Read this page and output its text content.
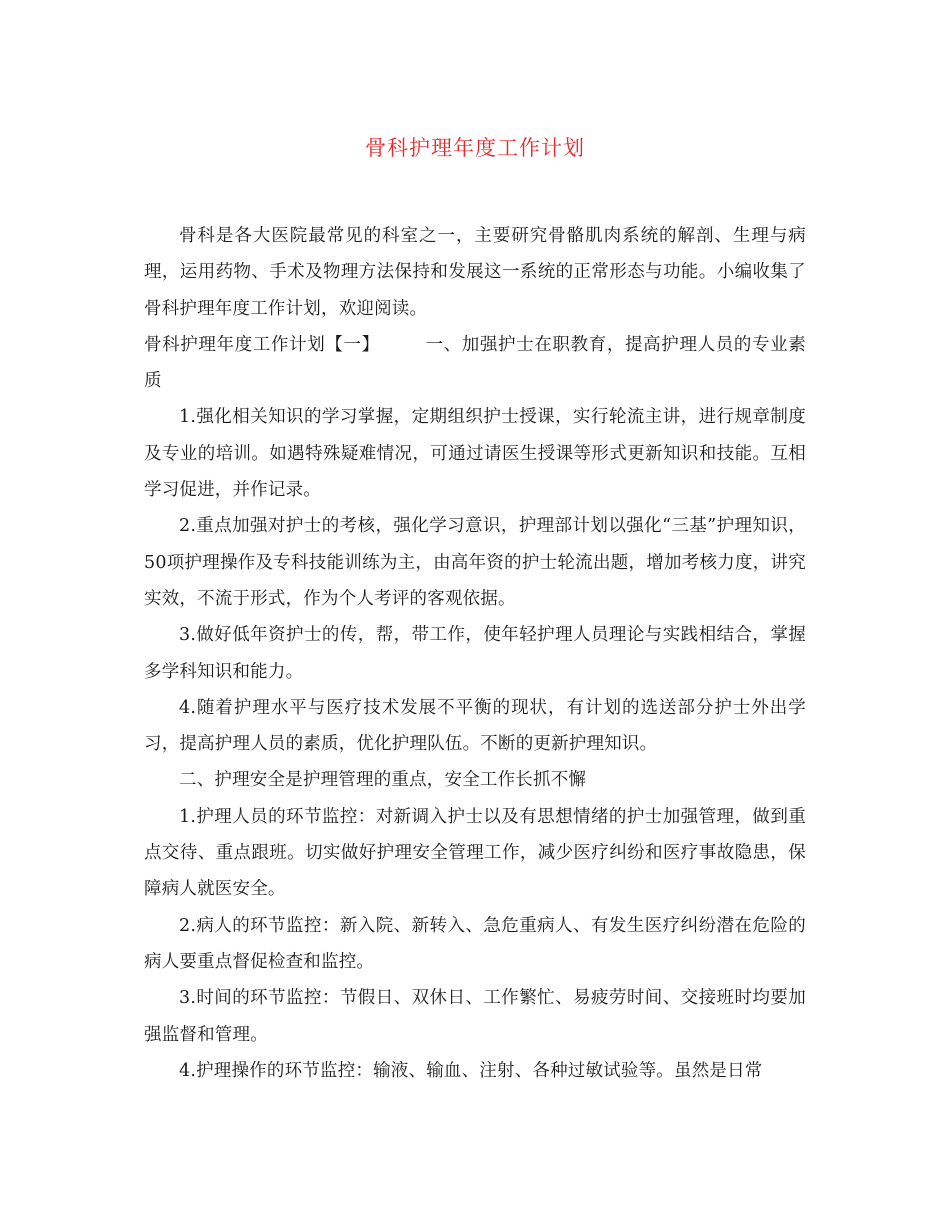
骨科护理年度工作计划

骨科是各大医院最常见的科室之一，主要研究骨骼肌肉系统的解剖、生理与病理，运用药物、手术及物理方法保持和发展这一系统的正常形态与功能。小编收集了骨科护理年度工作计划，欢迎阅读。

骨科护理年度工作计划【一】　　　一、加强护士在职教育，提高护理人员的专业素质

1.强化相关知识的学习掌握，定期组织护士授课，实行轮流主讲，进行规章制度及专业的培训。如遇特殊疑难情况，可通过请医生授课等形式更新知识和技能。互相学习促进，并作记录。

2.重点加强对护士的考核，强化学习意识，护理部计划以强化“三基”护理知识，50项护理操作及专科技能训练为主，由高年资的护士轮流出题，增加考核力度，讲究实效，不流于形式，作为个人考评的客观依据。

3.做好低年资护士的传，帮，带工作，使年轻护理人员理论与实践相结合，掌握多学科知识和能力。

4.随着护理水平与医疗技术发展不平衡的现状，有计划的选送部分护士外出学习，提高护理人员的素质，优化护理队伍。不断的更新护理知识。

二、护理安全是护理管理的重点，安全工作长抓不懈

1.护理人员的环节监控：对新调入护士以及有思想情绪的护士加强管理，做到重点交待、重点跟班。切实做好护理安全管理工作，减少医疗纠纷和医疗事故隐患，保障病人就医安全。

2.病人的环节监控：新入院、新转入、急危重病人、有发生医疗纠纷潜在危险的病人要重点督促检查和监控。

3.时间的环节监控：节假日、双休日、工作繁忙、易疲劳时间、交接班时均要加强监督和管理。

4.护理操作的环节监控：输液、输血、注射、各种过敏试验等。虽然是日常
